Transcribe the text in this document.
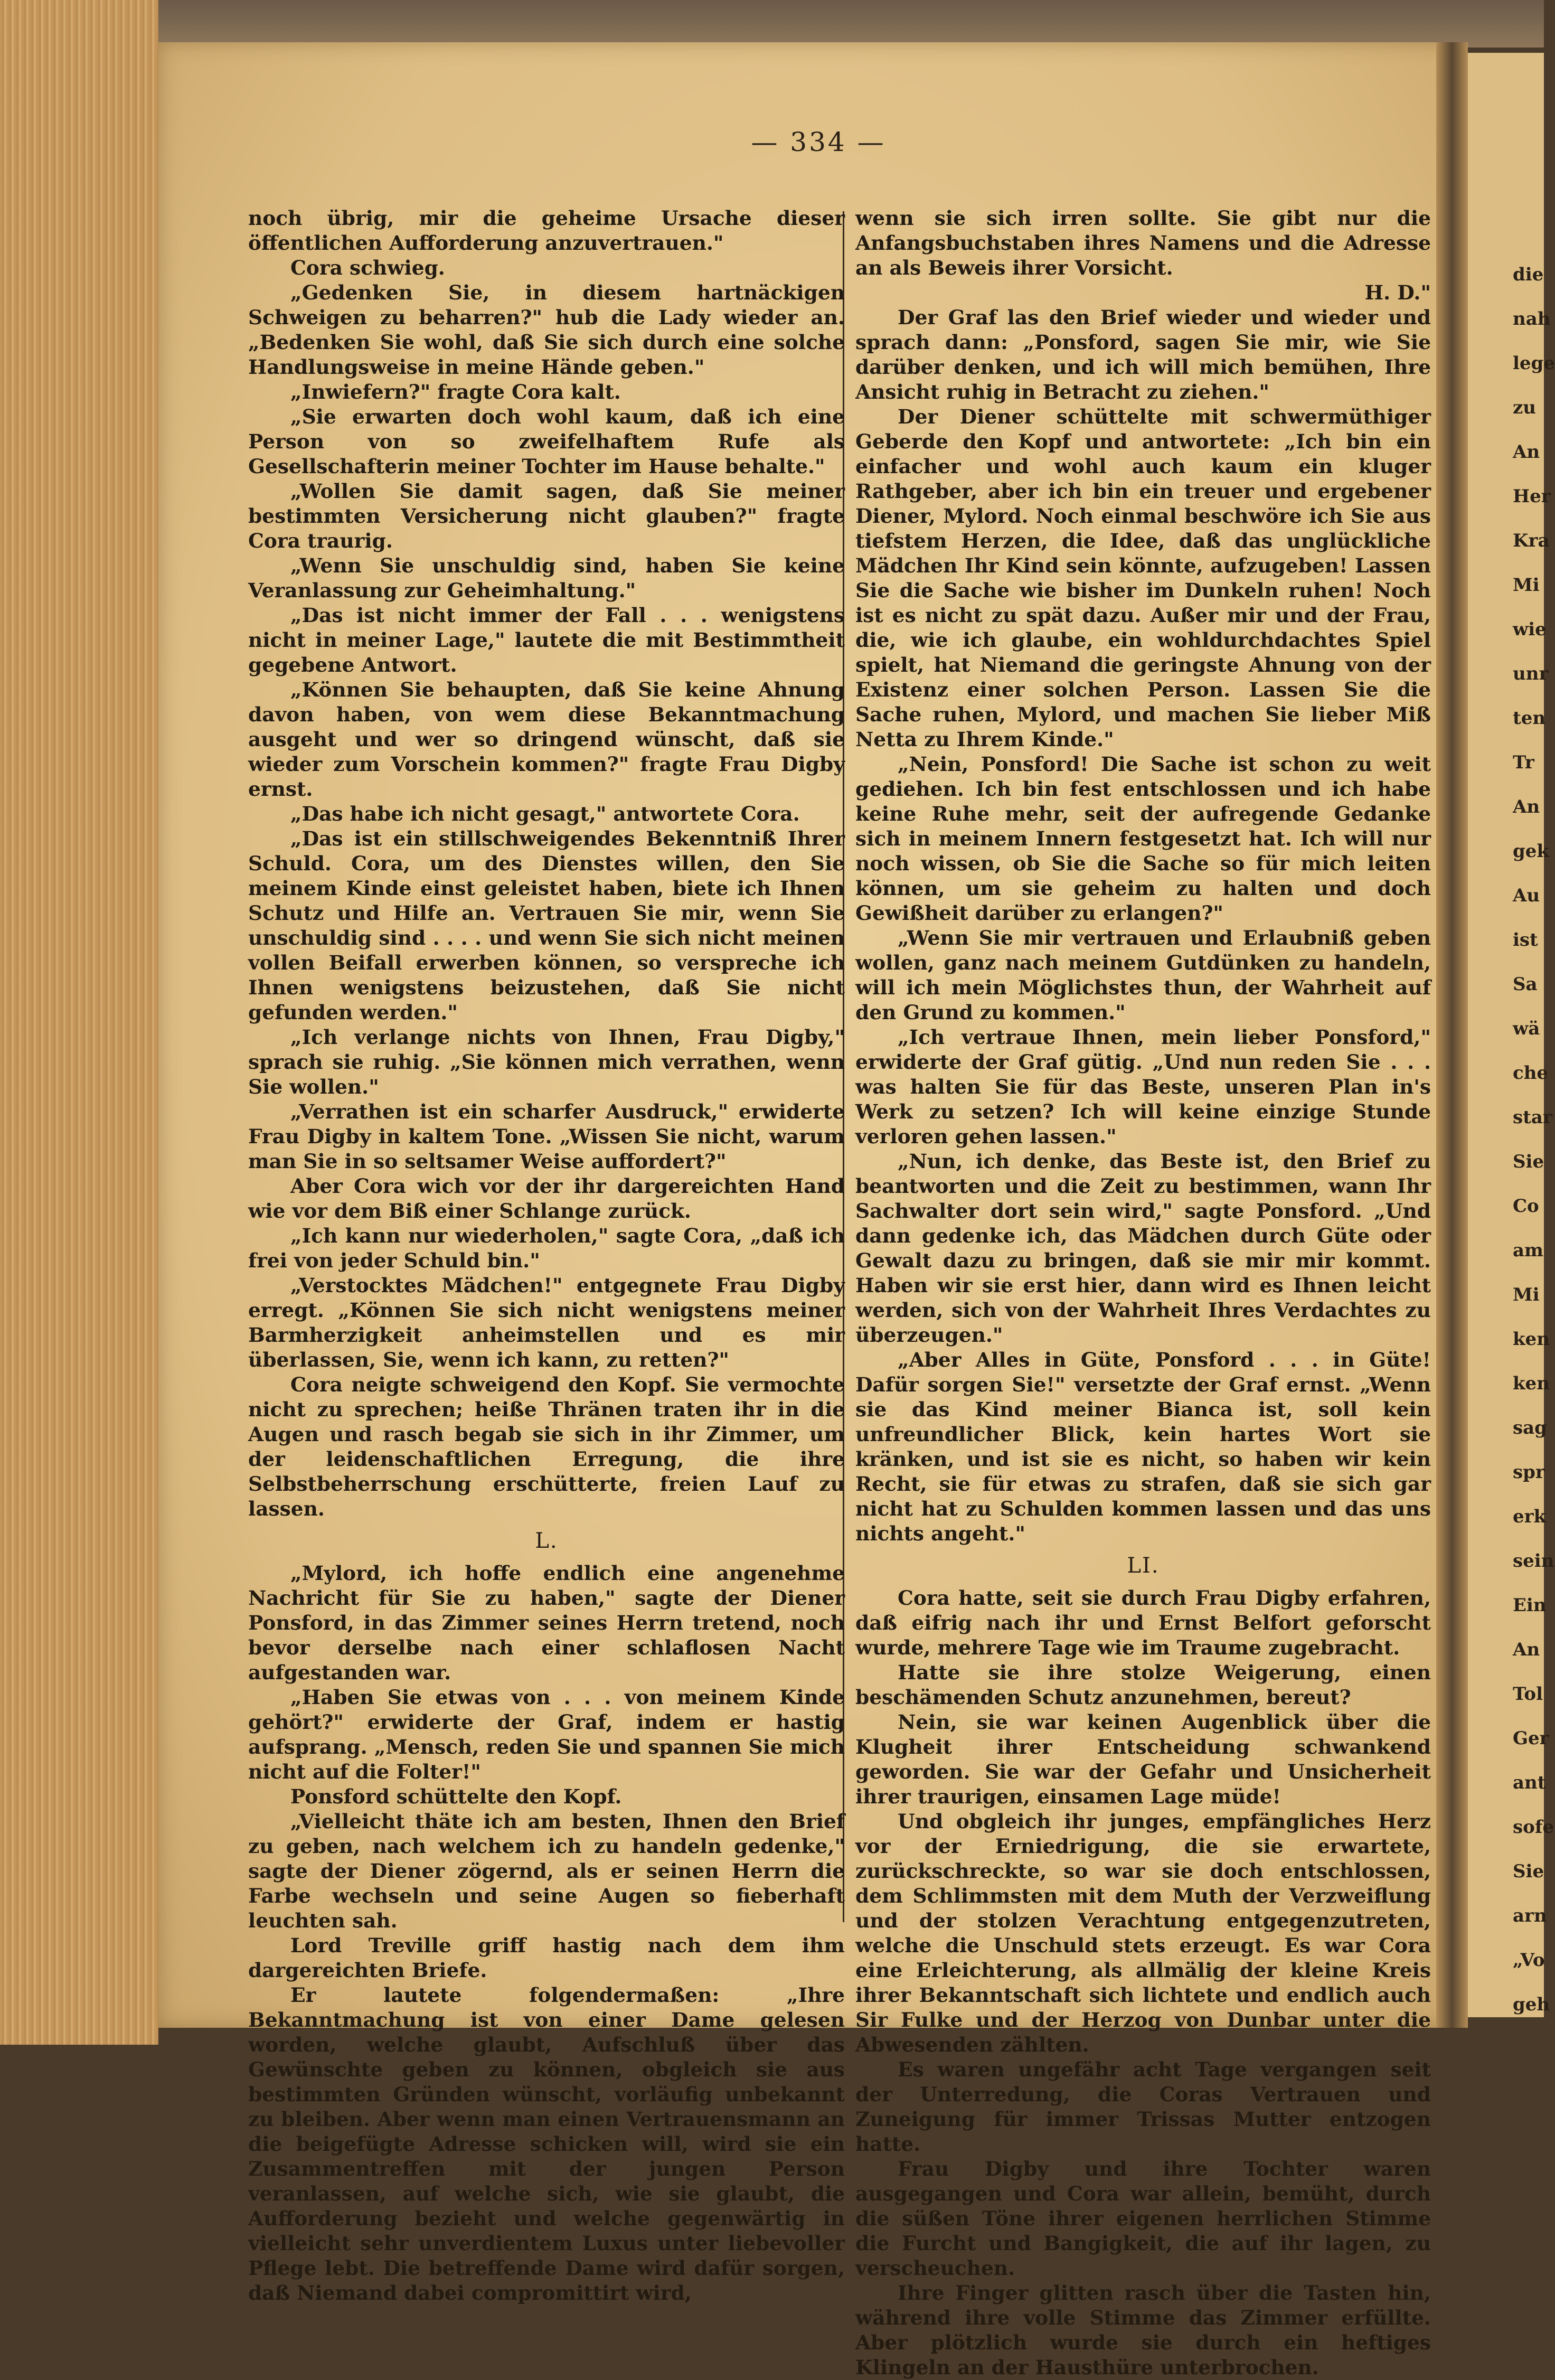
die
nah
lege
zu
An
Her
Kra
Mi
wie
unr
ten
Tr
An
gek
Au
ist
Sa
wä
che
star
Sie
Co
am
Mi
ken
ken
sag
spr
erk
sein
Ein
An
Tol
Ger
ant
sofe
Sie
arn
„Vo
geh
— 334 —

noch übrig, mir die geheime Ursache dieser öffentlichen Aufforderung anzuvertrauen."

Cora schwieg.

„Gedenken Sie, in diesem hartnäckigen Schweigen zu beharren?" hub die Lady wieder an. „Bedenken Sie wohl, daß Sie sich durch eine solche Handlungsweise in meine Hände geben."

„Inwiefern?" fragte Cora kalt.

„Sie erwarten doch wohl kaum, daß ich eine Person von so zweifelhaftem Rufe als Gesellschafterin meiner Tochter im Hause behalte."

„Wollen Sie damit sagen, daß Sie meiner bestimmten Versicherung nicht glauben?" fragte Cora traurig.

„Wenn Sie unschuldig sind, haben Sie keine Veranlassung zur Geheimhaltung."

„Das ist nicht immer der Fall . . . wenigstens nicht in meiner Lage," lautete die mit Bestimmtheit gegebene Antwort.

„Können Sie behaupten, daß Sie keine Ahnung davon haben, von wem diese Bekanntmachung ausgeht und wer so dringend wünscht, daß sie wieder zum Vorschein kommen?" fragte Frau Digby ernst.

„Das habe ich nicht gesagt," antwortete Cora.

„Das ist ein stillschweigendes Bekenntniß Ihrer Schuld. Cora, um des Dienstes willen, den Sie meinem Kinde einst geleistet haben, biete ich Ihnen Schutz und Hilfe an. Vertrauen Sie mir, wenn Sie unschuldig sind . . . . und wenn Sie sich nicht meinen vollen Beifall erwerben können, so verspreche ich Ihnen wenigstens beizustehen, daß Sie nicht gefunden werden."

„Ich verlange nichts von Ihnen, Frau Digby," sprach sie ruhig. „Sie können mich verrathen, wenn Sie wollen."

„Verrathen ist ein scharfer Ausdruck," erwiderte Frau Digby in kaltem Tone. „Wissen Sie nicht, warum man Sie in so seltsamer Weise auffordert?"

Aber Cora wich vor der ihr dargereichten Hand wie vor dem Biß einer Schlange zurück.

„Ich kann nur wiederholen," sagte Cora, „daß ich frei von jeder Schuld bin."

„Verstocktes Mädchen!" entgegnete Frau Digby erregt. „Können Sie sich nicht wenigstens meiner Barmherzigkeit anheimstellen und es mir überlassen, Sie, wenn ich kann, zu retten?"

Cora neigte schweigend den Kopf. Sie vermochte nicht zu sprechen; heiße Thränen traten ihr in die Augen und rasch begab sie sich in ihr Zimmer, um der leidenschaftlichen Erregung, die ihre Selbstbeherrschung erschütterte, freien Lauf zu lassen.

L.

„Mylord, ich hoffe endlich eine angenehme Nachricht für Sie zu haben," sagte der Diener Ponsford, in das Zimmer seines Herrn tretend, noch bevor derselbe nach einer schlaflosen Nacht aufgestanden war.

„Haben Sie etwas von . . . von meinem Kinde gehört?" erwiderte der Graf, indem er hastig aufsprang. „Mensch, reden Sie und spannen Sie mich nicht auf die Folter!"

Ponsford schüttelte den Kopf.

„Vielleicht thäte ich am besten, Ihnen den Brief zu geben, nach welchem ich zu handeln gedenke," sagte der Diener zögernd, als er seinen Herrn die Farbe wechseln und seine Augen so fieberhaft leuchten sah.

Lord Treville griff hastig nach dem ihm dargereichten Briefe.

Er lautete folgendermaßen: „Ihre Bekanntmachung ist von einer Dame gelesen worden, welche glaubt, Aufschluß über das Gewünschte geben zu können, obgleich sie aus bestimmten Gründen wünscht, vorläufig unbekannt zu bleiben. Aber wenn man einen Vertrauensmann an die beigefügte Adresse schicken will, wird sie ein Zusammentreffen mit der jungen Person veranlassen, auf welche sich, wie sie glaubt, die Aufforderung bezieht und welche gegenwärtig in vielleicht sehr unverdientem Luxus unter liebevoller Pflege lebt. Die betreffende Dame wird dafür sorgen, daß Niemand dabei compromittirt wird,

wenn sie sich irren sollte. Sie gibt nur die Anfangsbuchstaben ihres Namens und die Adresse an als Beweis ihrer Vorsicht.

H. D."

Der Graf las den Brief wieder und wieder und sprach dann: „Ponsford, sagen Sie mir, wie Sie darüber denken, und ich will mich bemühen, Ihre Ansicht ruhig in Betracht zu ziehen."

Der Diener schüttelte mit schwermüthiger Geberde den Kopf und antwortete: „Ich bin ein einfacher und wohl auch kaum ein kluger Rathgeber, aber ich bin ein treuer und ergebener Diener, Mylord. Noch einmal beschwöre ich Sie aus tiefstem Herzen, die Idee, daß das unglückliche Mädchen Ihr Kind sein könnte, aufzugeben! Lassen Sie die Sache wie bisher im Dunkeln ruhen! Noch ist es nicht zu spät dazu. Außer mir und der Frau, die, wie ich glaube, ein wohldurchdachtes Spiel spielt, hat Niemand die geringste Ahnung von der Existenz einer solchen Person. Lassen Sie die Sache ruhen, Mylord, und machen Sie lieber Miß Netta zu Ihrem Kinde."

„Nein, Ponsford! Die Sache ist schon zu weit gediehen. Ich bin fest entschlossen und ich habe keine Ruhe mehr, seit der aufregende Gedanke sich in meinem Innern festgesetzt hat. Ich will nur noch wissen, ob Sie die Sache so für mich leiten können, um sie geheim zu halten und doch Gewißheit darüber zu erlangen?"

„Wenn Sie mir vertrauen und Erlaubniß geben wollen, ganz nach meinem Gutdünken zu handeln, will ich mein Möglichstes thun, der Wahrheit auf den Grund zu kommen."

„Ich vertraue Ihnen, mein lieber Ponsford," erwiderte der Graf gütig. „Und nun reden Sie . . . was halten Sie für das Beste, unseren Plan in's Werk zu setzen? Ich will keine einzige Stunde verloren gehen lassen."

„Nun, ich denke, das Beste ist, den Brief zu beantworten und die Zeit zu bestimmen, wann Ihr Sachwalter dort sein wird," sagte Ponsford. „Und dann gedenke ich, das Mädchen durch Güte oder Gewalt dazu zu bringen, daß sie mir mir kommt. Haben wir sie erst hier, dann wird es Ihnen leicht werden, sich von der Wahrheit Ihres Verdachtes zu überzeugen."

„Aber Alles in Güte, Ponsford . . . in Güte! Dafür sorgen Sie!" versetzte der Graf ernst. „Wenn sie das Kind meiner Bianca ist, soll kein unfreundlicher Blick, kein hartes Wort sie kränken, und ist sie es nicht, so haben wir kein Recht, sie für etwas zu strafen, daß sie sich gar nicht hat zu Schulden kommen lassen und das uns nichts angeht."

LI.

Cora hatte, seit sie durch Frau Digby erfahren, daß eifrig nach ihr und Ernst Belfort geforscht wurde, mehrere Tage wie im Traume zugebracht.

Hatte sie ihre stolze Weigerung, einen beschämenden Schutz anzunehmen, bereut?

Nein, sie war keinen Augenblick über die Klugheit ihrer Entscheidung schwankend geworden. Sie war der Gefahr und Unsicherheit ihrer traurigen, einsamen Lage müde!

Und obgleich ihr junges, empfängliches Herz vor der Erniedrigung, die sie erwartete, zurückschreckte, so war sie doch entschlossen, dem Schlimmsten mit dem Muth der Verzweiflung und der stolzen Verachtung entgegenzutreten, welche die Unschuld stets erzeugt. Es war Cora eine Erleichterung, als allmälig der kleine Kreis ihrer Bekanntschaft sich lichtete und endlich auch Sir Fulke und der Herzog von Dunbar unter die Abwesenden zählten.

Es waren ungefähr acht Tage vergangen seit der Unterredung, die Coras Vertrauen und Zuneigung für immer Trissas Mutter entzogen hatte.

Frau Digby und ihre Tochter waren ausgegangen und Cora war allein, bemüht, durch die süßen Töne ihrer eigenen herrlichen Stimme die Furcht und Bangigkeit, die auf ihr lagen, zu verscheuchen.

Ihre Finger glitten rasch über die Tasten hin, während ihre volle Stimme das Zimmer erfüllte. Aber plötzlich wurde sie durch ein heftiges Klingeln an der Hausthüre unterbrochen.
